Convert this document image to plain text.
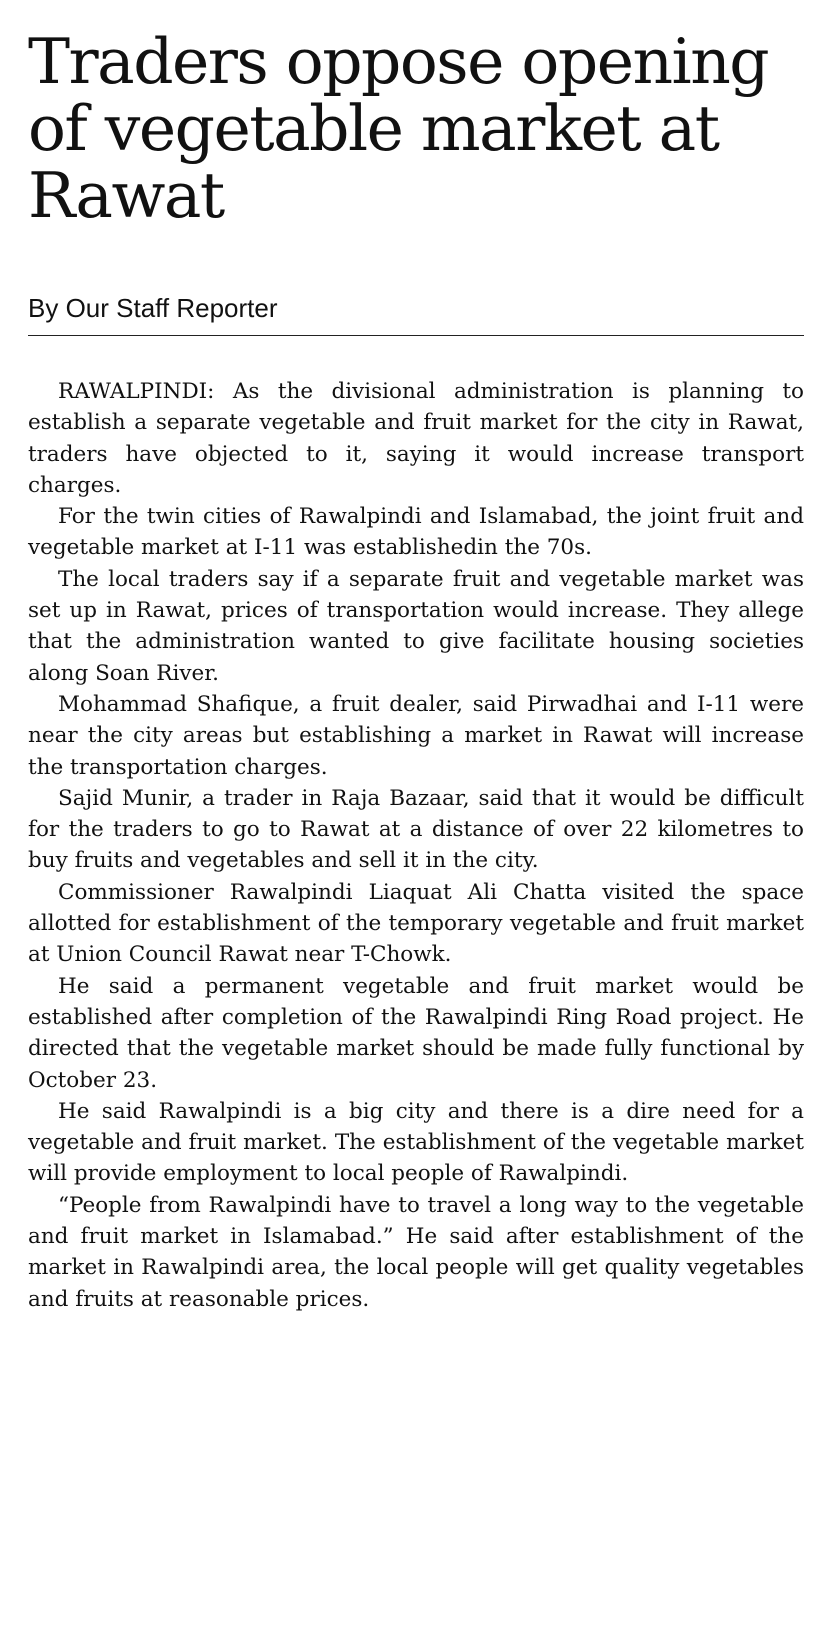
Traders oppose opening of vegetable market at Rawat
By Our Staff Reporter

RAWALPINDI: As the divisional administration is planning to establish a separate vegetable and fruit market for the city in Rawat, traders have objected to it, saying it would increase transport charges.

For the twin cities of Rawalpindi and Islamabad, the joint fruit and vegetable market at I-11 was establishedin the 70s.

The local traders say if a separate fruit and vegetable market was set up in Rawat, prices of transportation would increase. They allege that the administration wanted to give facilitate housing societies along Soan River.

Mohammad Shafique, a fruit dealer, said Pirwadhai and I-11 were near the city areas but establishing a market in Rawat will increase the transportation charges.

Sajid Munir, a trader in Raja Bazaar, said that it would be difficult for the traders to go to Rawat at a distance of over 22 kilometres to buy fruits and vegetables and sell it in the city.

Commissioner Rawalpindi Liaquat Ali Chatta visited the space allotted for establishment of the temporary vegetable and fruit market at Union Council Rawat near T-Chowk.

He said a permanent vegetable and fruit market would be established after completion of the Rawalpindi Ring Road project. He directed that the vegetable market should be made fully functional by October 23.

He said Rawalpindi is a big city and there is a dire need for a vegetable and fruit market. The establishment of the vegetable market will provide employment to local people of Rawalpindi.

“People from Rawalpindi have to travel a long way to the vegetable and fruit market in Islamabad.” He said after establishment of the market in Rawalpindi area, the local people will get quality vegetables and fruits at reasonable prices.
